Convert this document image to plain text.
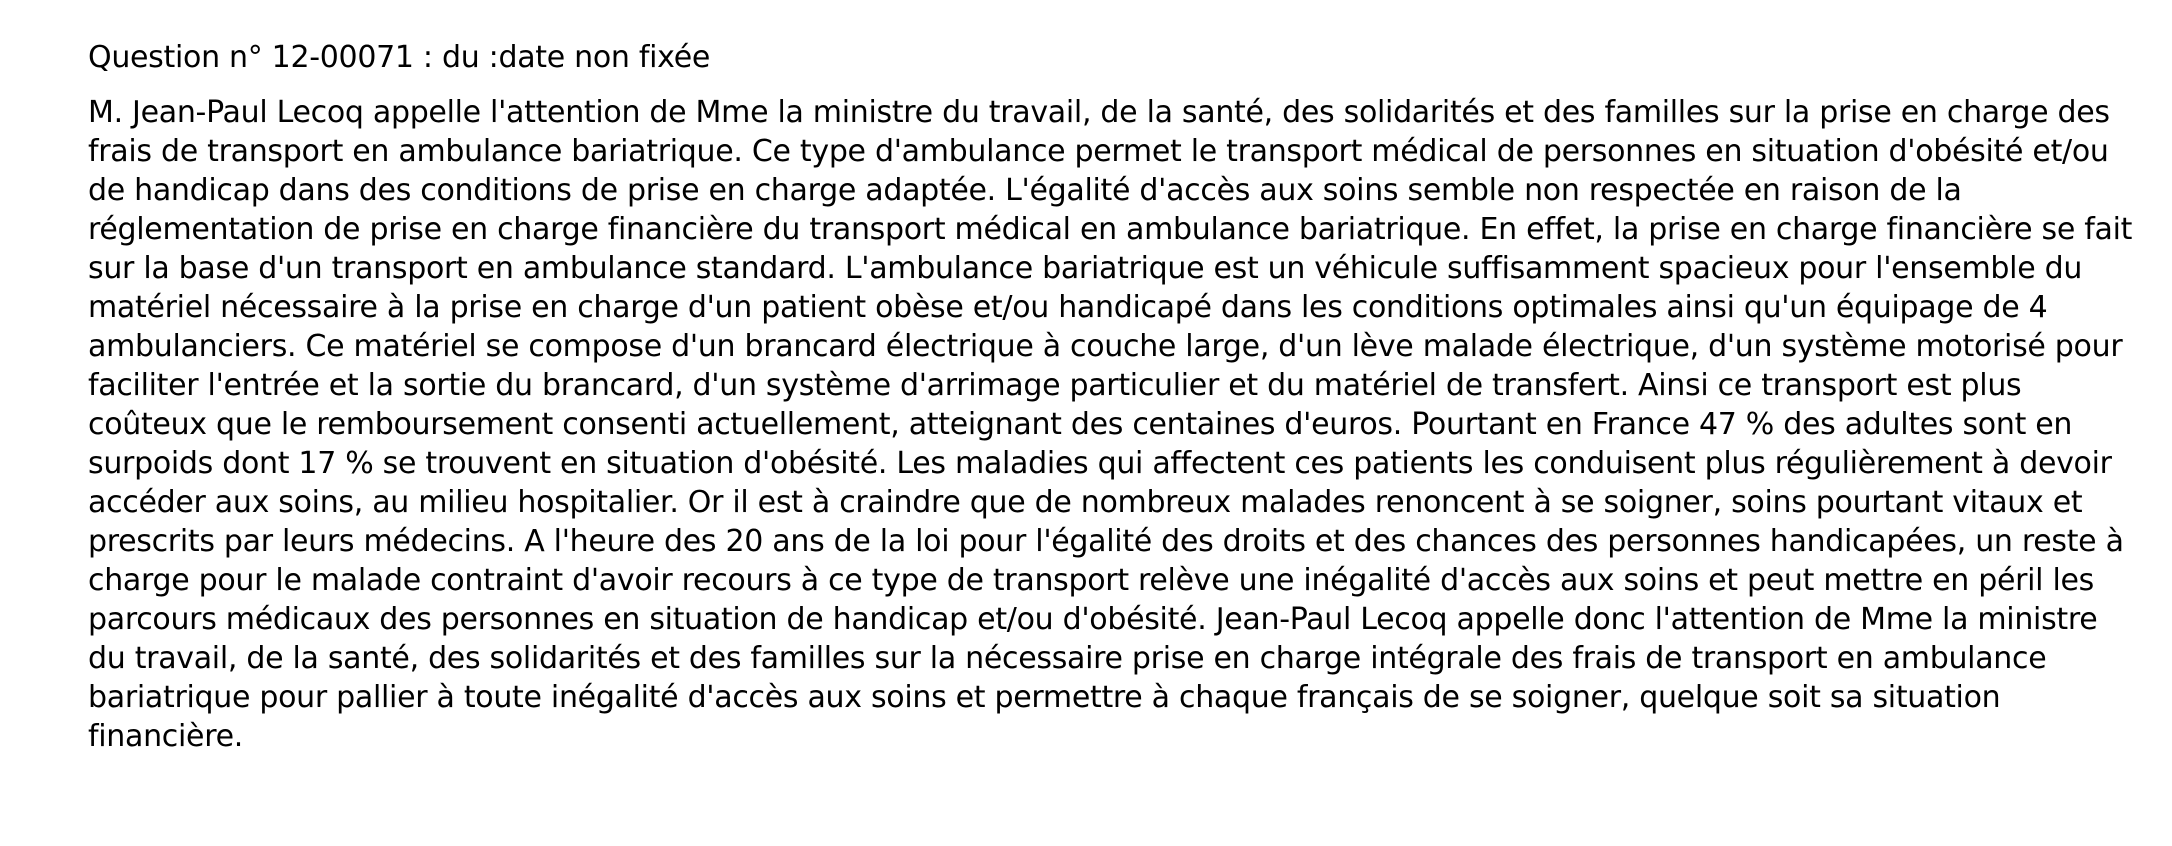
Question n° 12-00071 : du :date non fixée

M. Jean-Paul Lecoq appelle l'attention de Mme la ministre du travail, de la santé, des solidarités et des familles sur la prise en charge des frais de transport en ambulance bariatrique. Ce type d'ambulance permet le transport médical de personnes en situation d'obésité et/ou de handicap dans des conditions de prise en charge adaptée. L'égalité d'accès aux soins semble non respectée en raison de la réglementation de prise en charge financière du transport médical en ambulance bariatrique. En effet, la prise en charge financière se fait sur la base d'un transport en ambulance standard. L'ambulance bariatrique est un véhicule suffisamment spacieux pour l'ensemble du matériel nécessaire à la prise en charge d'un patient obèse et/ou handicapé dans les conditions optimales ainsi qu'un équipage de 4 ambulanciers. Ce matériel se compose d'un brancard électrique à couche large, d'un lève malade électrique, d'un système motorisé pour faciliter l'entrée et la sortie du brancard, d'un système d'arrimage particulier et du matériel de transfert. Ainsi ce transport est plus coûteux que le remboursement consenti actuellement, atteignant des centaines d'euros. Pourtant en France 47 % des adultes sont en surpoids dont 17 % se trouvent en situation d'obésité. Les maladies qui affectent ces patients les conduisent plus régulièrement à devoir accéder aux soins, au milieu hospitalier. Or il est à craindre que de nombreux malades renoncent à se soigner, soins pourtant vitaux et prescrits par leurs médecins. A l'heure des 20 ans de la loi pour l'égalité des droits et des chances des personnes handicapées, un reste à charge pour le malade contraint d'avoir recours à ce type de transport relève une inégalité d'accès aux soins et peut mettre en péril les parcours médicaux des personnes en situation de handicap et/ou d'obésité. Jean-Paul Lecoq appelle donc l'attention de Mme la ministre du travail, de la santé, des solidarités et des familles sur la nécessaire prise en charge intégrale des frais de transport en ambulance bariatrique pour pallier à toute inégalité d'accès aux soins et permettre à chaque français de se soigner, quelque soit sa situation financière.
